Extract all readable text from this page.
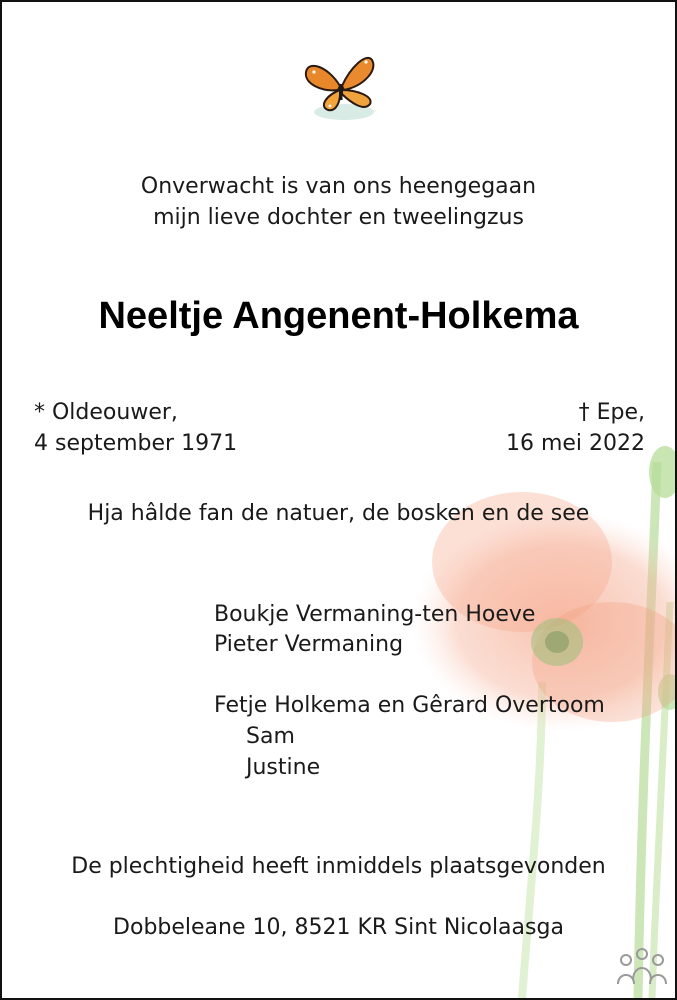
Onverwacht is van ons heengegaan
mijn lieve dochter en tweelingzus
Neeltje Angenent-Holkema
* Oldeouwer,
4 september 1971
† Epe,
16 mei 2022
Hja hâlde fan de natuer, de bosken en de see
Boukje Vermaning-ten Hoeve
Pieter Vermaning
Fetje Holkema en Gêrard Overtoom
Sam
Justine
De plechtigheid heeft inmiddels plaatsgevonden
Dobbeleane 10, 8521 KR Sint Nicolaasga
